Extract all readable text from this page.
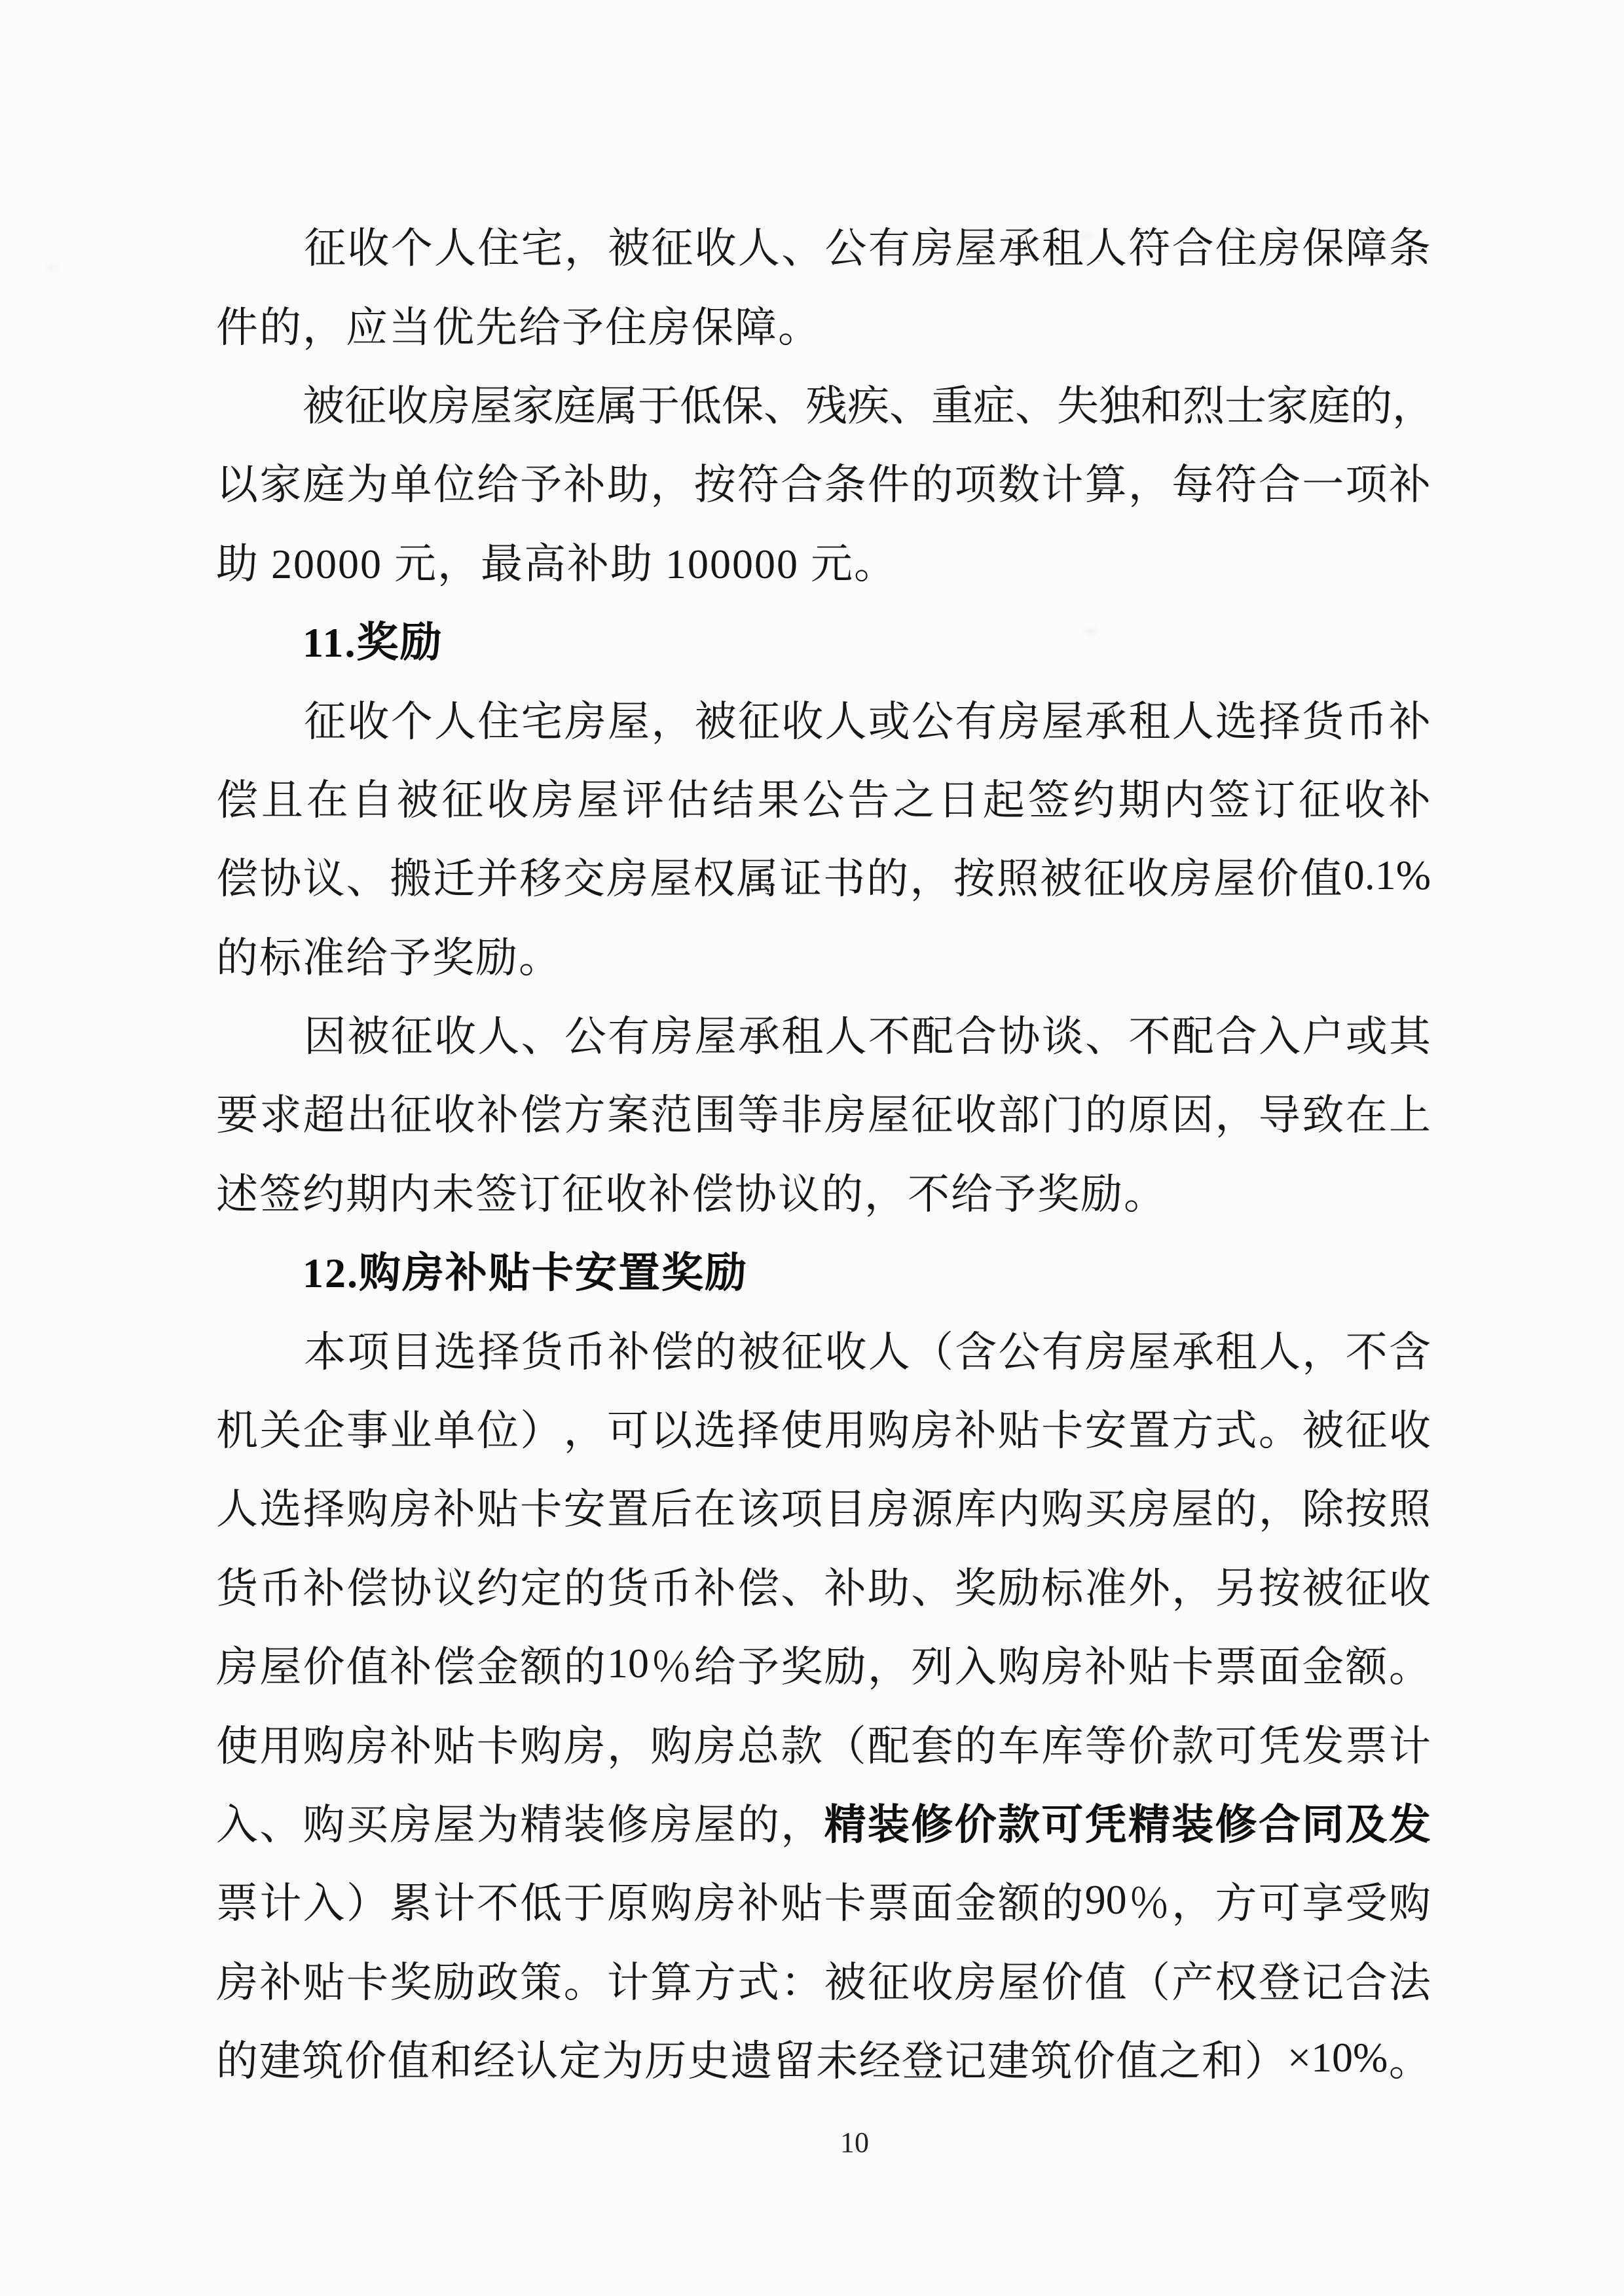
征 收 个 人 住 宅 ， 被 征 收 人 、 公 有 房 屋 承 租 人 符 合 住 房 保 障 条
件的，应当优先给予住房保障。
被 征 收 房 屋 家 庭 属 于 低 保 、 残 疾 、 重 症 、 失 独 和 烈 士 家 庭 的 ，
以 家 庭 为 单 位 给 予 补 助 ， 按 符 合 条 件 的 项 数 计 算 ， 每 符 合 一 项 补
助 20000 元，最高补助 100000 元。
11.奖励
征 收 个 人 住 宅 房 屋 ， 被 征 收 人 或 公 有 房 屋 承 租 人 选 择 货 币 补
偿 且 在 自 被 征 收 房 屋 评 估 结 果 公 告 之 日 起 签 约 期 内 签 订 征 收 补
偿 协 议 、 搬 迁 并 移 交 房 屋 权 属 证 书 的 ， 按 照 被 征 收 房 屋 价 值 0.1%
的标准给予奖励。
因 被 征 收 人 、 公 有 房 屋 承 租 人 不 配 合 协 谈 、 不 配 合 入 户 或 其
要 求 超 出 征 收 补 偿 方 案 范 围 等 非 房 屋 征 收 部 门 的 原 因 ， 导 致 在 上
述签约期内未签订征收补偿协议的，不给予奖励。
12.购房补贴卡安置奖励
本 项 目 选 择 货 币 补 偿 的 被 征 收 人 （ 含 公 有 房 屋 承 租 人 ， 不 含
机 关 企 事 业 单 位 ） ， 可 以 选 择 使 用 购 房 补 贴 卡 安 置 方 式 。 被 征 收
人 选 择 购 房 补 贴 卡 安 置 后 在 该 项 目 房 源 库 内 购 买 房 屋 的 ， 除 按 照
货 币 补 偿 协 议 约 定 的 货 币 补 偿 、 补 助 、 奖 励 标 准 外 ， 另 按 被 征 收
房 屋 价 值 补 偿 金 额 的 10 ％ 给 予 奖 励 ， 列 入 购 房 补 贴 卡 票 面 金 额 。
使 用 购 房 补 贴 卡 购 房 ， 购 房 总 款 （ 配 套 的 车 库 等 价 款 可 凭 发 票 计
入 、 购 买 房 屋 为 精 装 修 房 屋 的 ， 精 装 修 价 款 可 凭 精 装 修 合 同 及 发
票 计 入 ） 累 计 不 低 于 原 购 房 补 贴 卡 票 面 金 额 的 90 ％ ， 方 可 享 受 购
房 补 贴 卡 奖 励 政 策 。 计 算 方 式 ： 被 征 收 房 屋 价 值 （ 产 权 登 记 合 法
的 建 筑 价 值 和 经 认 定 为 历 史 遗 留 未 经 登 记 建 筑 价 值 之 和 ） ×10% 。
10
